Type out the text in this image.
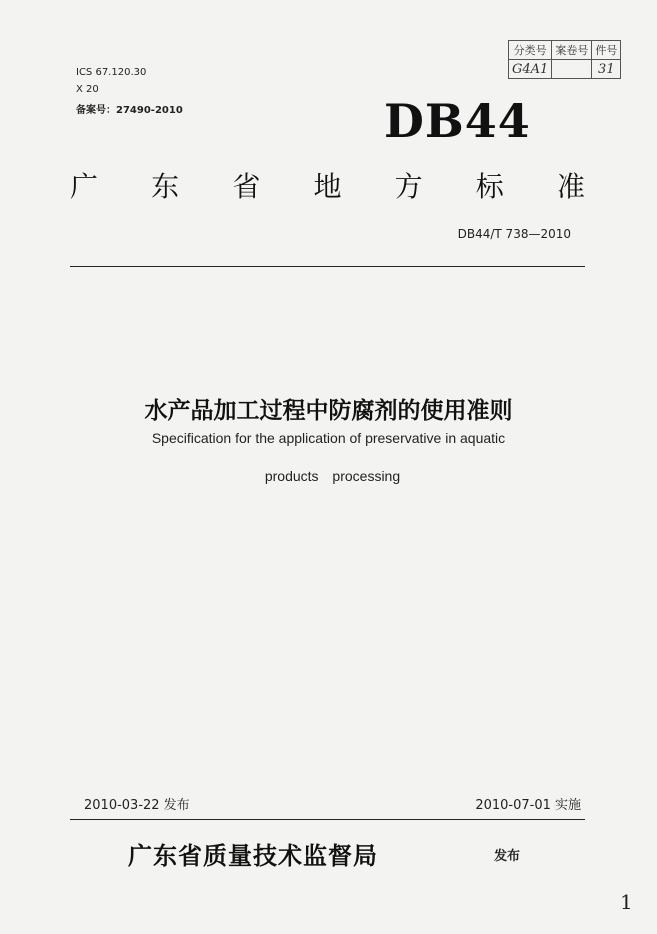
ICS 67.120.30
X 20
备案号：27490-2010
分类号	案卷号	件号
G4A1		31
DB44
广 东 省 地 方 标 准
DB44/T 738—2010
水产品加工过程中防腐剂的使用准则
Specification for the application of preservative in aquatic
products processing
2010-03-22 发布	2010-07-01 实施
广东省质量技术监督局	发布
1
